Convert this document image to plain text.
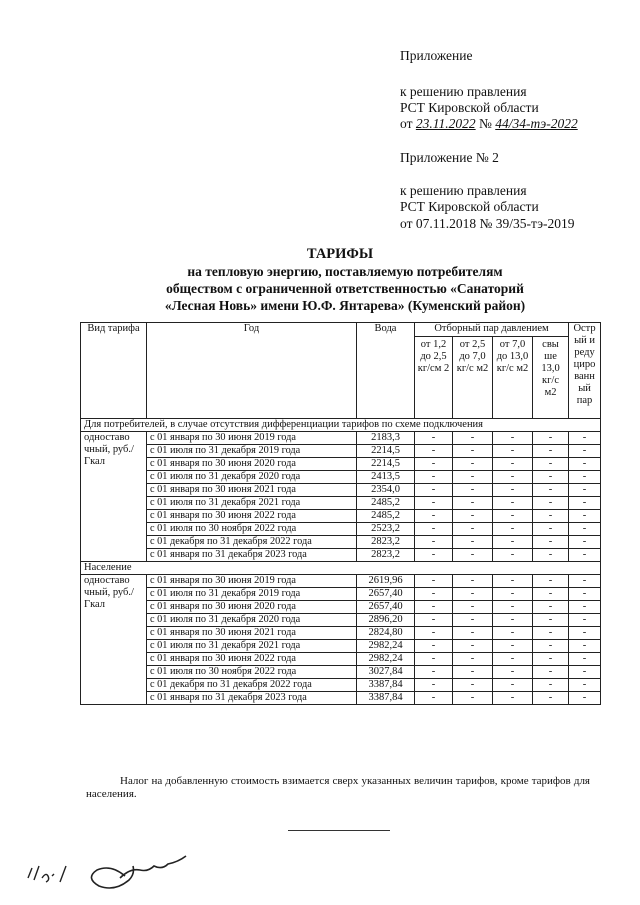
Приложение
к решению правления
РСТ Кировской области
от 23.11.2022 № 44/34-тэ-2022
Приложение № 2
к решению правления
РСТ Кировской области
от 07.11.2018 № 39/35-тэ-2019
ТАРИФЫ
на тепловую энергию, поставляемую потребителям
обществом с ограниченной ответственностью «Санаторий
«Лесная Новь» имени Ю.Ф. Янтарева» (Куменский район)
Вид тарифа	Год	Вода	Отборный пар давлением				Остр ый и реду циро ванн ый пар
			от 1,2 до 2,5 кг/см 2	от 2,5 до 7,0 кг/с м2	от 7,0 до 13,0 кг/с м2	свы ше 13,0 кг/с м2	
Для потребителей, в случае отсутствия дифференциации тарифов по схеме подключения							
одноставо чный, руб./Гкал	с 01 января по 30 июня 2019 года	2183,3	-	-	-	-	-
	с 01 июля по 31 декабря 2019 года	2214,5	-	-	-	-	-
	с 01 января по 30 июня 2020 года	2214,5	-	-	-	-	-
	с 01 июля по 31 декабря 2020 года	2413,5	-	-	-	-	-
	с 01 января по 30 июня 2021 года	2354,0	-	-	-	-	-
	с 01 июля по 31 декабря 2021 года	2485,2	-	-	-	-	-
	с 01 января по 30 июня 2022 года	2485,2	-	-	-	-	-
	с 01 июля по 30 ноября 2022 года	2523,2	-	-	-	-	-
	с 01 декабря по 31 декабря 2022 года	2823,2	-	-	-	-	-
	с 01 января по 31 декабря 2023 года	2823,2	-	-	-	-	-
Население							
одноставо чный, руб./Гкал	с 01 января по 30 июня 2019 года	2619,96	-	-	-	-	-
	с 01 июля по 31 декабря 2019 года	2657,40	-	-	-	-	-
	с 01 января по 30 июня 2020 года	2657,40	-	-	-	-	-
	с 01 июля по 31 декабря 2020 года	2896,20	-	-	-	-	-
	с 01 января по 30 июня 2021 года	2824,80	-	-	-	-	-
	с 01 июля по 31 декабря 2021 года	2982,24	-	-	-	-	-
	с 01 января по 30 июня 2022 года	2982,24	-	-	-	-	-
	с 01 июля по 30 ноября 2022 года	3027,84	-	-	-	-	-
	с 01 декабря по 31 декабря 2022 года	3387,84	-	-	-	-	-
	с 01 января по 31 декабря 2023 года	3387,84	-	-	-	-	-
Налог на добавленную стоимость взимается сверх указанных величин тарифов, кроме тарифов для населения.
